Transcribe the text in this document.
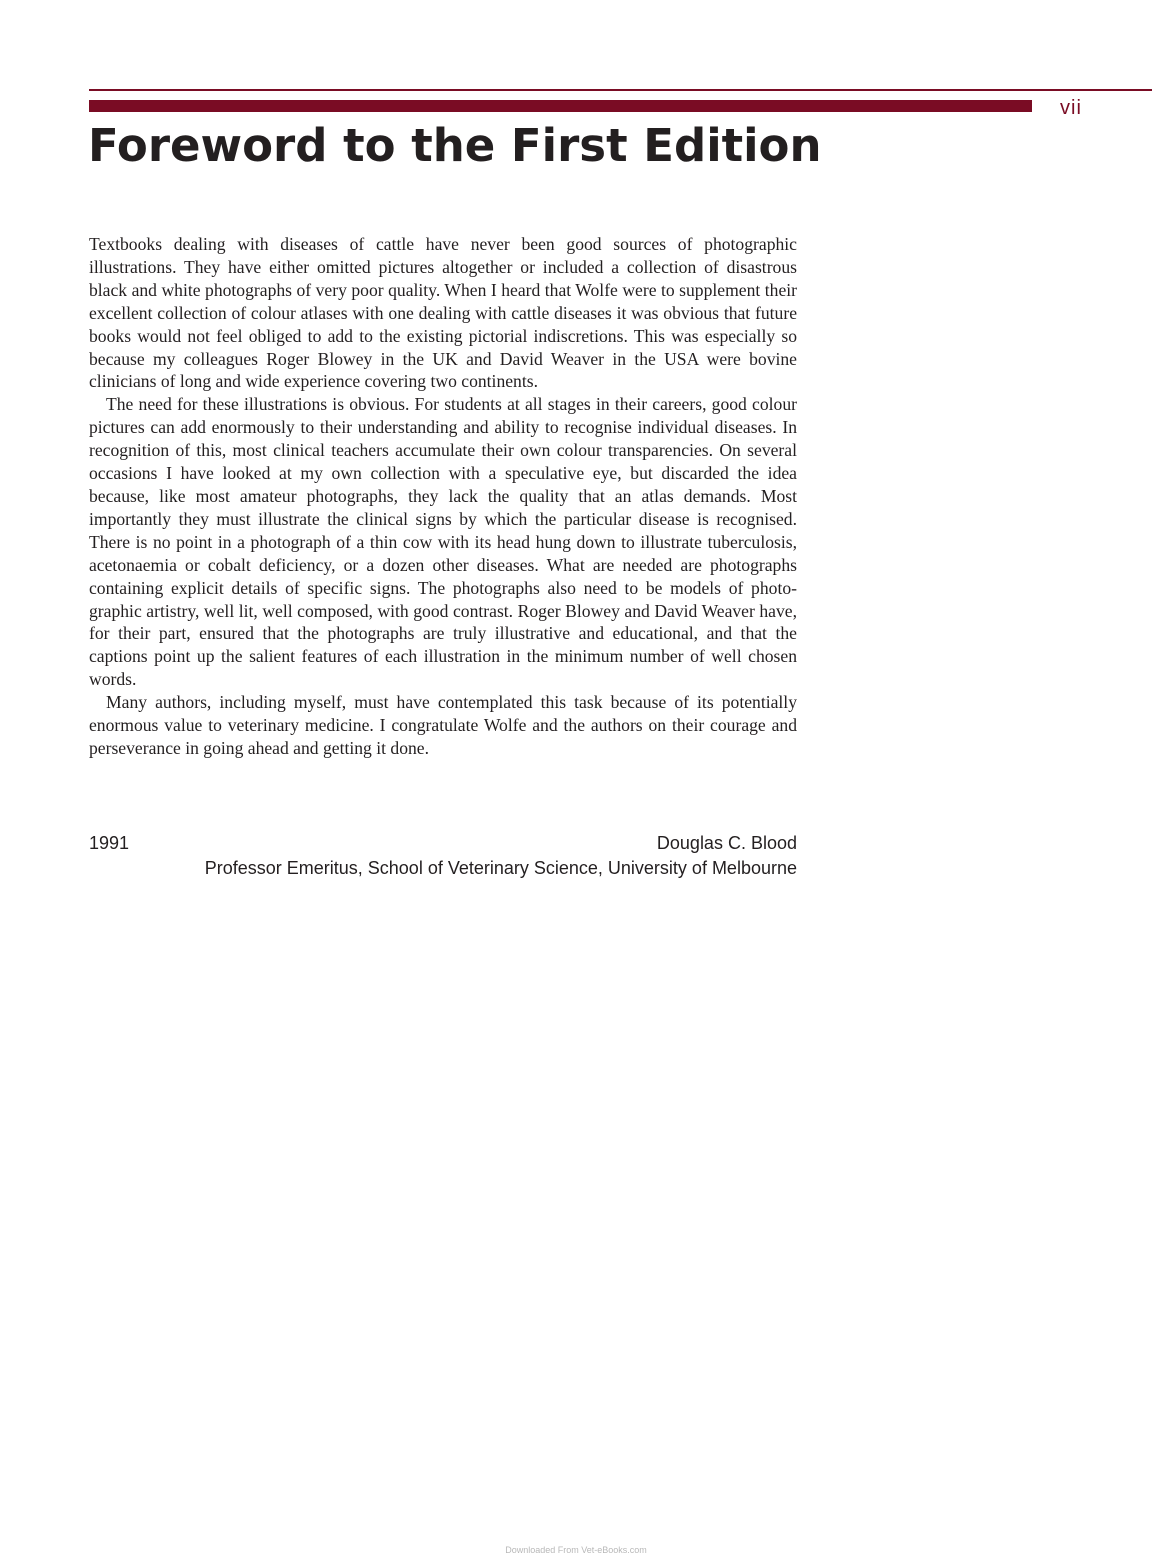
vii
Foreword to the First Edition

Textbooks dealing with diseases of cattle have never been good sources of photographic illustrations. They have either omitted pictures altogether or included a collection of disastrous black and white photographs of very poor quality. When I heard that Wolfe were to supplement their excellent collection of colour atlases with one dealing with cattle diseases it was obvious that future books would not feel obliged to add to the existing pictorial indiscretions. This was especially so because my colleagues Roger Blowey in the UK and David Weaver in the USA were bovine clinicians of long and wide experience covering two continents.

The need for these illustrations is obvious. For students at all stages in their careers, good colour pictures can add enormously to their understanding and ability to recognise individual diseases. In recognition of this, most clinical teachers accumulate their own colour transparencies. On several occasions I have looked at my own collection with a speculative eye, but discarded the idea because, like most amateur photographs, they lack the quality that an atlas demands. Most importantly they must illustrate the clinical signs by which the particular disease is recognised. There is no point in a photograph of a thin cow with its head hung down to illustrate tuberculosis, acetonaemia or cobalt deficiency, or a dozen other diseases. What are needed are photographs containing explicit details of specific signs. The photographs also need to be models of photographic artistry, well lit, well composed, with good contrast. Roger Blowey and David Weaver have, for their part, ensured that the photographs are truly illustrative and educational, and that the captions point up the salient features of each illustration in the minimum number of well chosen words.

Many authors, including myself, must have contemplated this task because of its potentially enormous value to veterinary medicine. I congratulate Wolfe and the authors on their courage and perseverance in going ahead and getting it done.

1991	Douglas C. Blood
Professor Emeritus, School of Veterinary Science, University of Melbourne
Downloaded From Vet-eBooks.com
